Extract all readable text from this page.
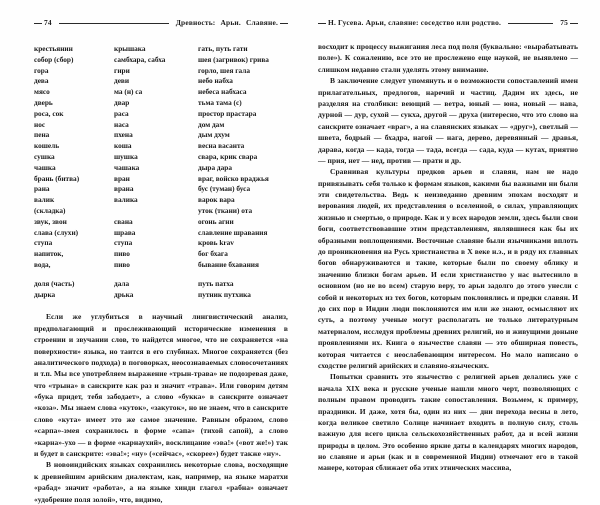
74	Древность: Арьи. Славяне.
крестьянин	крышака	гать, путь гати
собор (сбор)	самбхара, сабха	шея (загривок) грива
гора	гири	горло, шея гала
дева	деви	небо набха
мясо	ма (н) са	небеса набхаса
дверь	двар	тьма тама (с)
роса, сок	раса	простор прастара
нос	наса	дом дам
пена	пхена	дым дхум
кошель	коша	весна васанта
сушка	шушка	свара, крик свара
чашка	чашака	дыра дара
брань (битва)	вран	враг, войско враджья
рана	врана	бус (туман) буса
валик	валика	варок вара
(складка)		уток (ткани) ота
звук, звон	свана	огонь агни
слава (слухи)	шрава	славление шравания
ступа	ступа	кровь krav
напиток,	пиво	бог бхага
вода,	пиво	бывание бхавания

доля (часть)	дала	путь патха
дырка	дрька	путник путхика

Если же углубиться в научный лингвистический анализ, предполагающий и прослеживающий исторические изменения в строении и звучании слов, то найдется многое, что не сохраняется «на поверхности» языка, но таится в его глубинах. Многое сохраняется (без аналитического подхода) в поговорках, неосознаваемых словосочетаниях и т.п. Мы все употребляем выражение «трын-трава» не подозревая даже, что «трына» в санскрите как раз и значит «трава». Или говорим детям «бука придет, тебя забодает», а слово «букка» в санскрите означает «коза». Мы знаем слова «куток», «закуток», но не знаем, что в санскрите слово «кута» имеет это же самое значение. Равным образом, слово «сарпа»-змея сохранилось в форме «сапа» (тихой сапой), а слово «карна»-ухо — в форме «карнаухий», восклицание «эва!» («вот же!») так и будет в санскрите: «эва!»; «ну» («сейчас», «скорее») будет также «ну».

В новоиндийских языках сохранились некоторые слова, восходящие к древнейшим арийским диалектам, как, например, на языке маратхи «рабад» значит «работа», а на языке хинди глагол «рабна» означает «удобрение поля золой», что, видимо,

Н. Гусева. Арьи, славяне: соседство или родство.	75

восходит к процессу выжигания леса под поля (буквально: «вырабатывать поле»). К сожалению, все это не прослежено еще наукой, не выявлено — слишком недавно стали уделять этому внимание.

В заключение следует упомянуть и о возможности сопоставлений имен прилагательных, предлогов, наречий и частиц. Дадим их здесь, не разделяя на столбики: веющий — ветра, юный — юна, новый — нава, дурной — дур, сухой — сукха, другой — друха (интересно, что это слово на санскрите означает «враг», а на славянских языках — «друг»), светлый — швета, бодрый — бхадра, нагой — нага, дерево, деревянный — дравья, дарава, когда — када, тогда — тада, всегда — сада, куда — кутах, приятно — прия, нет — нед, против — прати и др.

Сравнивая культуры предков арьев и славян, нам не надо привязывать себя только к формам языков, какими бы важными ни были эти свидетельства. Ведь к неизведанно древним эпохам восходят и верования людей, их представления о вселенной, о силах, управляющих жизнью и смертью, о природе. Как и у всех народов земли, здесь были свои боги, соответствовавшие этим представлениям, являвшиеся как бы их образными воплощениями. Восточные славяне были язычниками вплоть до проникновения на Русь христианства в Х веке н.э., и в ряду их главных богов обнаруживаются и такие, которые были по своему облику и значению близки богам арьев. И если христианство у нас вытеснило в основном (но не во всем) старую веру, то арьи задолго до этого унесли с собой и некоторых из тех богов, которым поклонялись и предки славян. И до сих пор в Индии люди поклоняются им или же знают, осмысляют их суть, а поэтому ученые могут располагать не только литературным материалом, исследуя проблемы древних религий, но и живущими доныне проявлениями их. Книга о язычестве славян — это обширная повесть, которая читается с неослабевающим интересом. Но мало написано о сходстве религий арийских и славяно-языческих.

Попытки сравнить это язычество с религией арьев делались уже с начала XIX века и русские ученые нашли много черт, позволяющих с полным правом проводить такие сопоставления. Возьмем, к примеру, праздники. И даже, хотя бы, один из них — дни перехода весны в лето, когда великое светило Солнце начинает входить в полную силу, столь важную для всего цикла сельскохозяйственных работ, да и всей жизни природы в целом. Это особенно яркие даты в календарях многих народов, но славяне и арьи (как и в современной Индии) отмечают его в такой манере, которая сближает оба этих этнических массива,
